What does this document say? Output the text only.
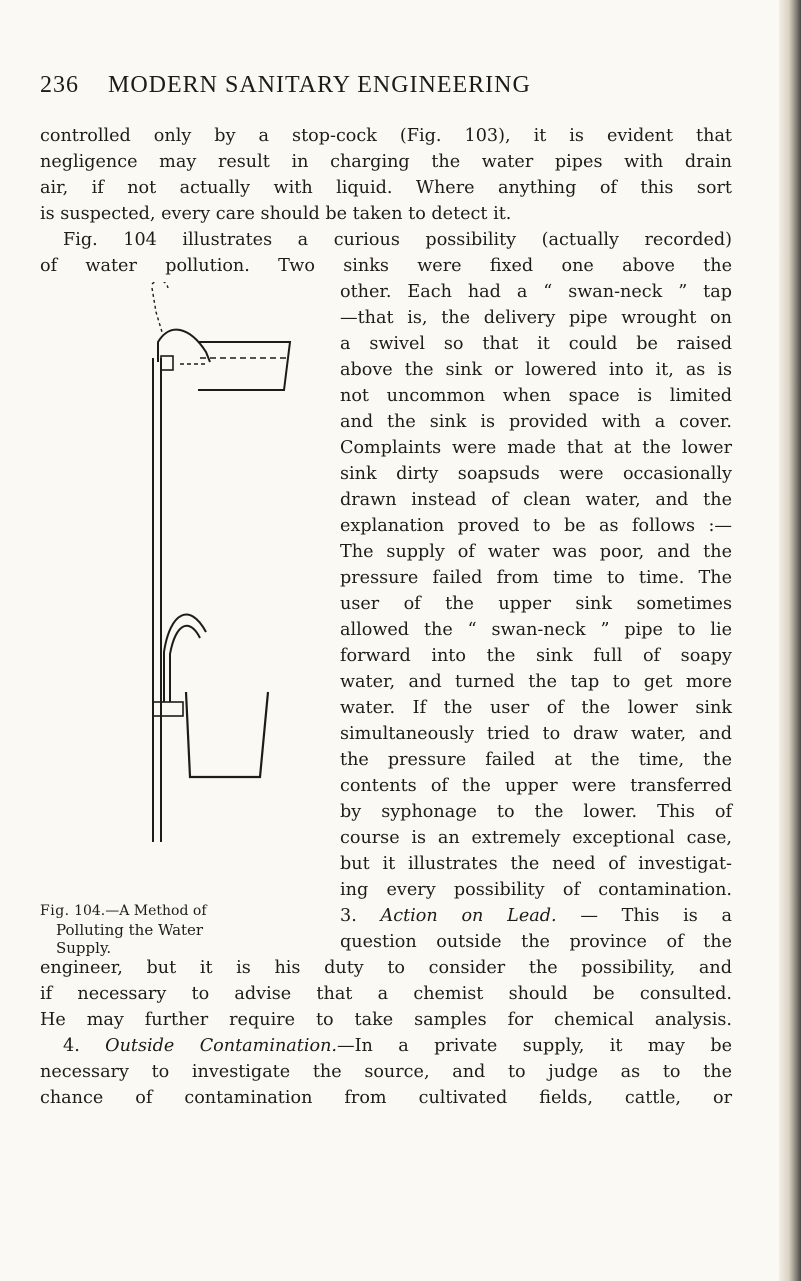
236 MODERN SANITARY ENGINEERING
controlled only by a stop-cock (Fig. 103), it is evident that
negligence may result in charging the water pipes with drain
air, if not actually with liquid. Where anything of this sort
is suspected, every care should be taken to detect it.
Fig. 104 illustrates a curious possibility (actually recorded)
of water pollution. Two sinks were fixed one above the
other. Each had a “ swan-neck ” tap
—that is, the delivery pipe wrought on
a swivel so that it could be raised
above the sink or lowered into it, as is
not uncommon when space is limited
and the sink is provided with a cover.
Complaints were made that at the lower
sink dirty soapsuds were occasionally
drawn instead of clean water, and the
explanation proved to be as follows :—
The supply of water was poor, and the
pressure failed from time to time. The
user of the upper sink sometimes
allowed the “ swan-neck ” pipe to lie
forward into the sink full of soapy
water, and turned the tap to get more
water. If the user of the lower sink
simultaneously tried to draw water, and
the pressure failed at the time, the
contents of the upper were transferred
by syphonage to the lower. This of
course is an extremely exceptional case,
but it illustrates the need of investigat-
ing every possibility of contamination.
3. Action on Lead. — This is a
question outside the province of the
engineer, but it is his duty to consider the possibility, and
if necessary to advise that a chemist should be consulted.
He may further require to take samples for chemical analysis.
4. Outside Contamination.—In a private supply, it may be
necessary to investigate the source, and to judge as to the
chance of contamination from cultivated fields, cattle, or
Fig. 104.—A Method of
Polluting the Water
Supply.
